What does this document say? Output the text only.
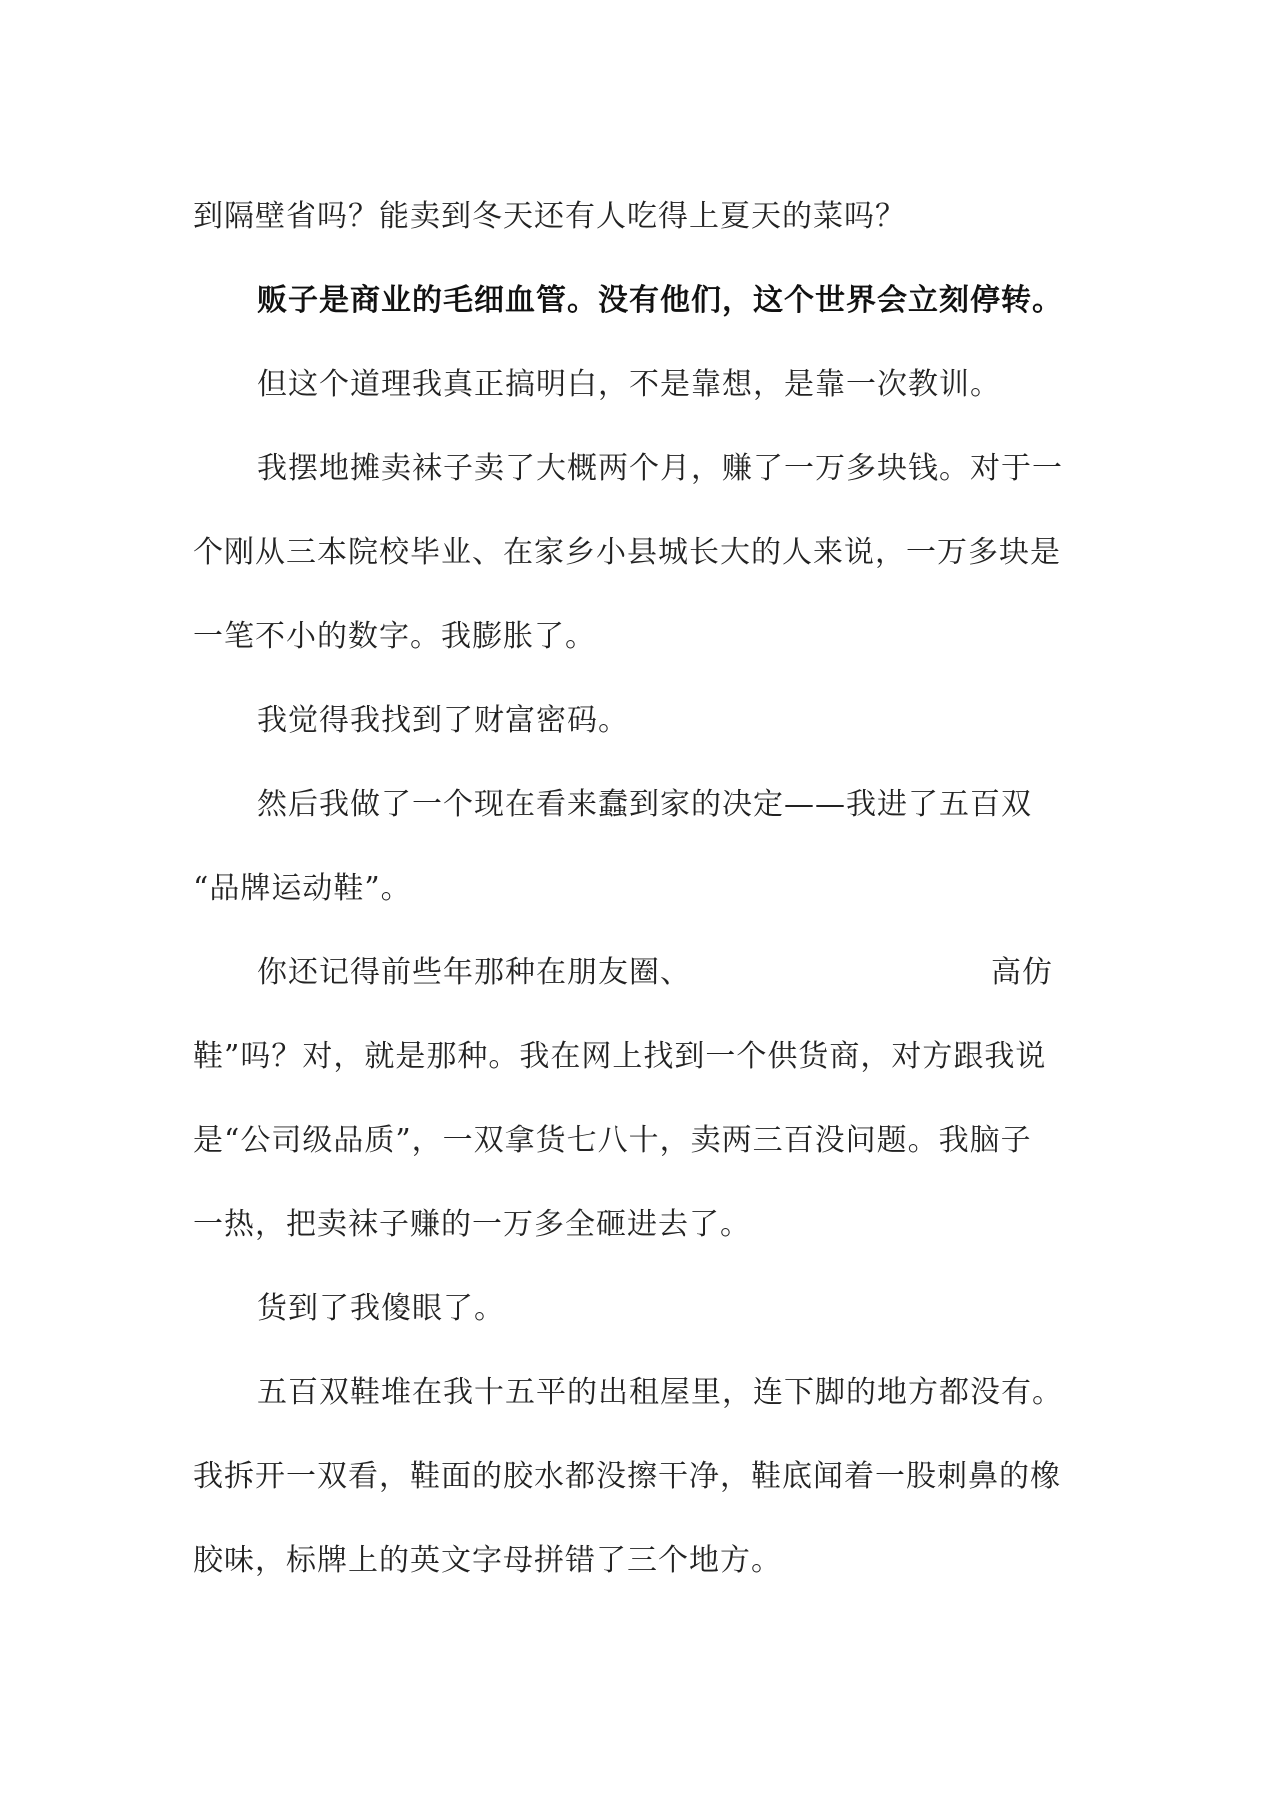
到隔壁省吗？能卖到冬天还有人吃得上夏天的菜吗？
贩子是商业的毛细血管。没有他们，这个世界会立刻停转。
但这个道理我真正搞明白，不是靠想，是靠一次教训。
我摆地摊卖袜子卖了大概两个月，赚了一万多块钱。对于一
个刚从三本院校毕业、在家乡小县城长大的人来说，一万多块是
一笔不小的数字。我膨胀了。
我觉得我找到了财富密码。
然后我做了一个现在看来蠢到家的决定——我进了五百双
“品牌运动鞋”。
你还记得前些年那种在朋友圈、	高仿
鞋”吗？对，就是那种。我在网上找到一个供货商，对方跟我说
是“公司级品质”，一双拿货七八十，卖两三百没问题。我脑子
一热，把卖袜子赚的一万多全砸进去了。
货到了我傻眼了。
五百双鞋堆在我十五平的出租屋里，连下脚的地方都没有。
我拆开一双看，鞋面的胶水都没擦干净，鞋底闻着一股刺鼻的橡
胶味，标牌上的英文字母拼错了三个地方。
